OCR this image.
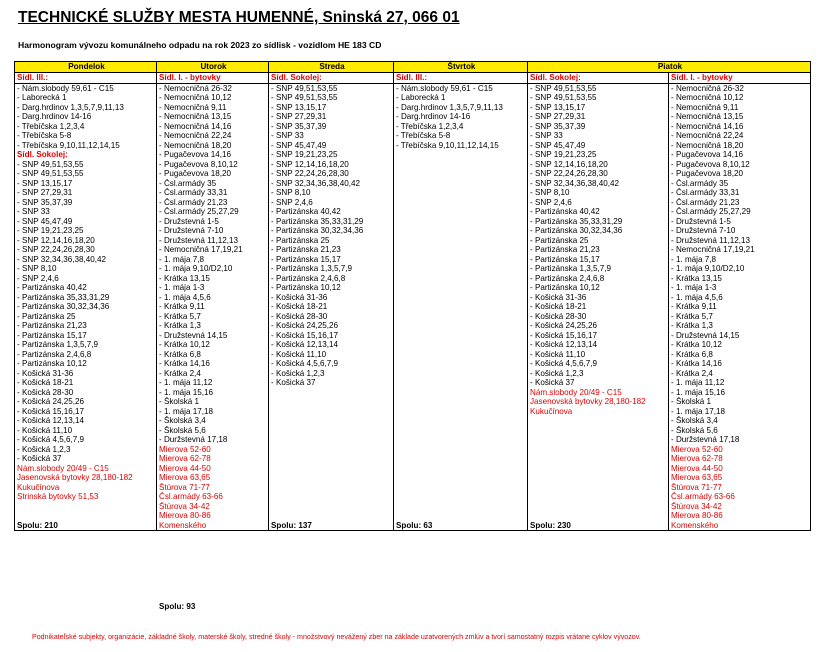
TECHNICKÉ SLUŽBY MESTA HUMENNÉ, Sninská 27, 066 01
Harmonogram vývozu komunálneho odpadu na rok 2023 zo sídlisk - vozidlom HE 183 CD
Pondelok	Utorok	Streda	Štvrtok	Piatok	
Sídl. III.:	Sídl. I. - bytovky	Sídl. Sokolej:	Sídl. III.:	Sídl. Sokolej:	Sídl. I. - bytovky
- Nám.slobody 59,61 - C15	- Nemocničná 26-32	- SNP 49,51,53,55	- Nám.slobody 59,61 - C15	- SNP 49,51,53,55	- Nemocničná 26-32
- Laborecká 1	- Nemocničná 10,12	- SNP 49,51,53,55	- Laborecká 1	- SNP 49,51,53,55	- Nemocničná 10,12
- Darg.hrdinov 1,3,5,7,9,11,13	- Nemocničná 9,11	- SNP 13,15,17	- Darg.hrdinov 1,3,5,7,9,11,13	- SNP 13,15,17	- Nemocničná 9,11
- Darg.hrdinov 14-16	- Nemocničná 13,15	- SNP 27,29,31	- Darg.hrdinov 14-16	- SNP 27,29,31	- Nemocničná 13,15
- Třebíčska 1,2,3,4	- Nemocničná 14,16	- SNP 35,37,39	- Třebíčska 1,2,3,4	- SNP 35,37,39	- Nemocničná 14,16
- Třebíčska 5-8	- Nemocničná 22,24	- SNP 33	- Třebíčska 5-8	- SNP 33	- Nemocničná 22,24
- Třebíčska 9,10,11,12,14,15	- Nemocničná 18,20	- SNP 45,47,49	- Třebíčska 9,10,11,12,14,15	- SNP 45,47,49	- Nemocničná 18,20
Sídl. Sokolej:	- Pugačevova 14,16	- SNP 19,21,23,25		- SNP 19,21,23,25	- Pugačevova 14,16
- SNP 49,51,53,55	- Pugačevova 8,10,12	- SNP 12,14,16,18,20		- SNP 12,14,16,18,20	- Pugačevova 8,10,12
- SNP 49,51,53,55	- Pugačevova 18,20	- SNP 22,24,26,28,30		- SNP 22,24,26,28,30	- Pugačevova 18,20
- SNP 13,15,17	- Čsl.armády 35	- SNP 32,34,36,38,40,42		- SNP 32,34,36,38,40,42	- Čsl.armády 35
- SNP 27,29,31	- Čsl.armády 33,31	- SNP 8,10		- SNP 8,10	- Čsl.armády 33,31
- SNP 35,37,39	- Čsl.armády 21,23	- SNP 2,4,6		- SNP 2,4,6	- Čsl.armády 21,23
- SNP 33	- Čsl.armády 25,27,29	- Partizánska 40,42		- Partizánska 40,42	- Čsl.armády 25,27,29
- SNP 45,47,49	- Družstevná 1-5	- Partizánska 35,33,31,29		- Partizánska 35,33,31,29	- Družstevná 1-5
- SNP 19,21,23,25	- Družstevná 7-10	- Partizánska 30,32,34,36		- Partizánska 30,32,34,36	- Družstevná 7-10
- SNP 12,14,16,18,20	- Družstevná 11,12,13	- Partizánska 25		- Partizánska 25	- Družstevná 11,12,13
- SNP 22,24,26,28,30	- Nemocničná 17,19,21	- Partizánska 21,23		- Partizánska 21,23	- Nemocničná 17,19,21
- SNP 32,34,36,38,40,42	- 1. mája 7,8	- Partizánska 15,17		- Partizánska 15,17	- 1. mája 7,8
- SNP 8,10	- 1. mája 9,10/D2,10	- Partizánska 1,3,5,7,9		- Partizánska 1,3,5,7,9	- 1. mája 9,10/D2,10
- SNP 2,4,6	- Krátka 13,15	- Partizánska 2,4,6,8		- Partizánska 2,4,6,8	- Krátka 13,15
- Partizánska 40,42	- 1. mája 1-3	- Partizánska 10,12		- Partizánska 10,12	- 1. mája 1-3
- Partizánska 35,33,31,29	- 1. mája 4,5,6	- Košická 31-36		- Košická 31-36	- 1. mája 4,5,6
- Partizánska 30,32,34,36	- Krátka 9,11	- Košická 18-21		- Košická 18-21	- Krátka 9,11
- Partizánska 25	- Krátka 5,7	- Košická 28-30		- Košická 28-30	- Krátka 5,7
- Partizánska 21,23	- Krátka 1,3	- Košická 24,25,26		- Košická 24,25,26	- Krátka 1,3
- Partizánska 15,17	- Družstevná 14,15	- Košická 15,16,17		- Košická 15,16,17	- Družstevná 14,15
- Partizánska 1,3,5,7,9	- Krátka 10,12	- Košická 12,13,14		- Košická 12,13,14	- Krátka 10,12
- Partizánska 2,4,6,8	- Krátka 6,8	- Košická 11,10		- Košická 11,10	- Krátka 6,8
- Partizánska 10,12	- Krátka 14,16	- Košická 4,5,6,7,9		- Košická 4,5,6,7,9	- Krátka 14,16
- Košická 31-36	- Krátka 2,4	- Košická 1,2,3		- Košická 1,2,3	- Krátka 2,4
- Košická 18-21	- 1. mája 11,12	- Košická 37		- Košická 37	- 1. mája 11,12
- Košická 28-30	- 1. mája 15,16			Nám.slobody 20/49 - C15	- 1. mája 15,16
- Košická 24,25,26	- Školská 1			Jasenovská bytovky 28,180-182	- Školská 1
- Košická 15,16,17	- 1. mája 17,18			Kukučínova	- 1. mája 17,18
- Košická 12,13,14	- Školská 3,4				- Školská 3,4
- Košická 11,10	- Školská 5,6				- Školská 5,6
- Košická 4,5,6,7,9	- Duržstevná 17,18				- Duržstevná 17,18
- Košická 1,2,3	Mierova 52-60				Mierova 52-60
- Košická 37	Mierova 62-78				Mierova 62-78
Nám.slobody 20/49 - C15	Mierova 44-50				Mierova 44-50
Jasenovská bytovky 28,180-182	Mierova 63,65				Mierova 63,65
Kukučínova	Štúrova 71-77				Štúrova 71-77
Strinská bytovky 51,53	Čsl.armády 63-66				Čsl.armády 63-66
	Štúrova 34-42				Štúrova 34-42
	Mierova 80-86				Mierova 80-86
Spolu: 210	Komenského	Spolu: 137	Spolu: 63	Spolu: 230	Komenského
Spolu: 93
Podnikateľské subjekty, organizácie, základné školy, materské školy, stredné školy - množstvový nevážený zber na základe uzatvorených zmlúv a tvorí samostatný rozpis vrátane cyklov vývozov.
